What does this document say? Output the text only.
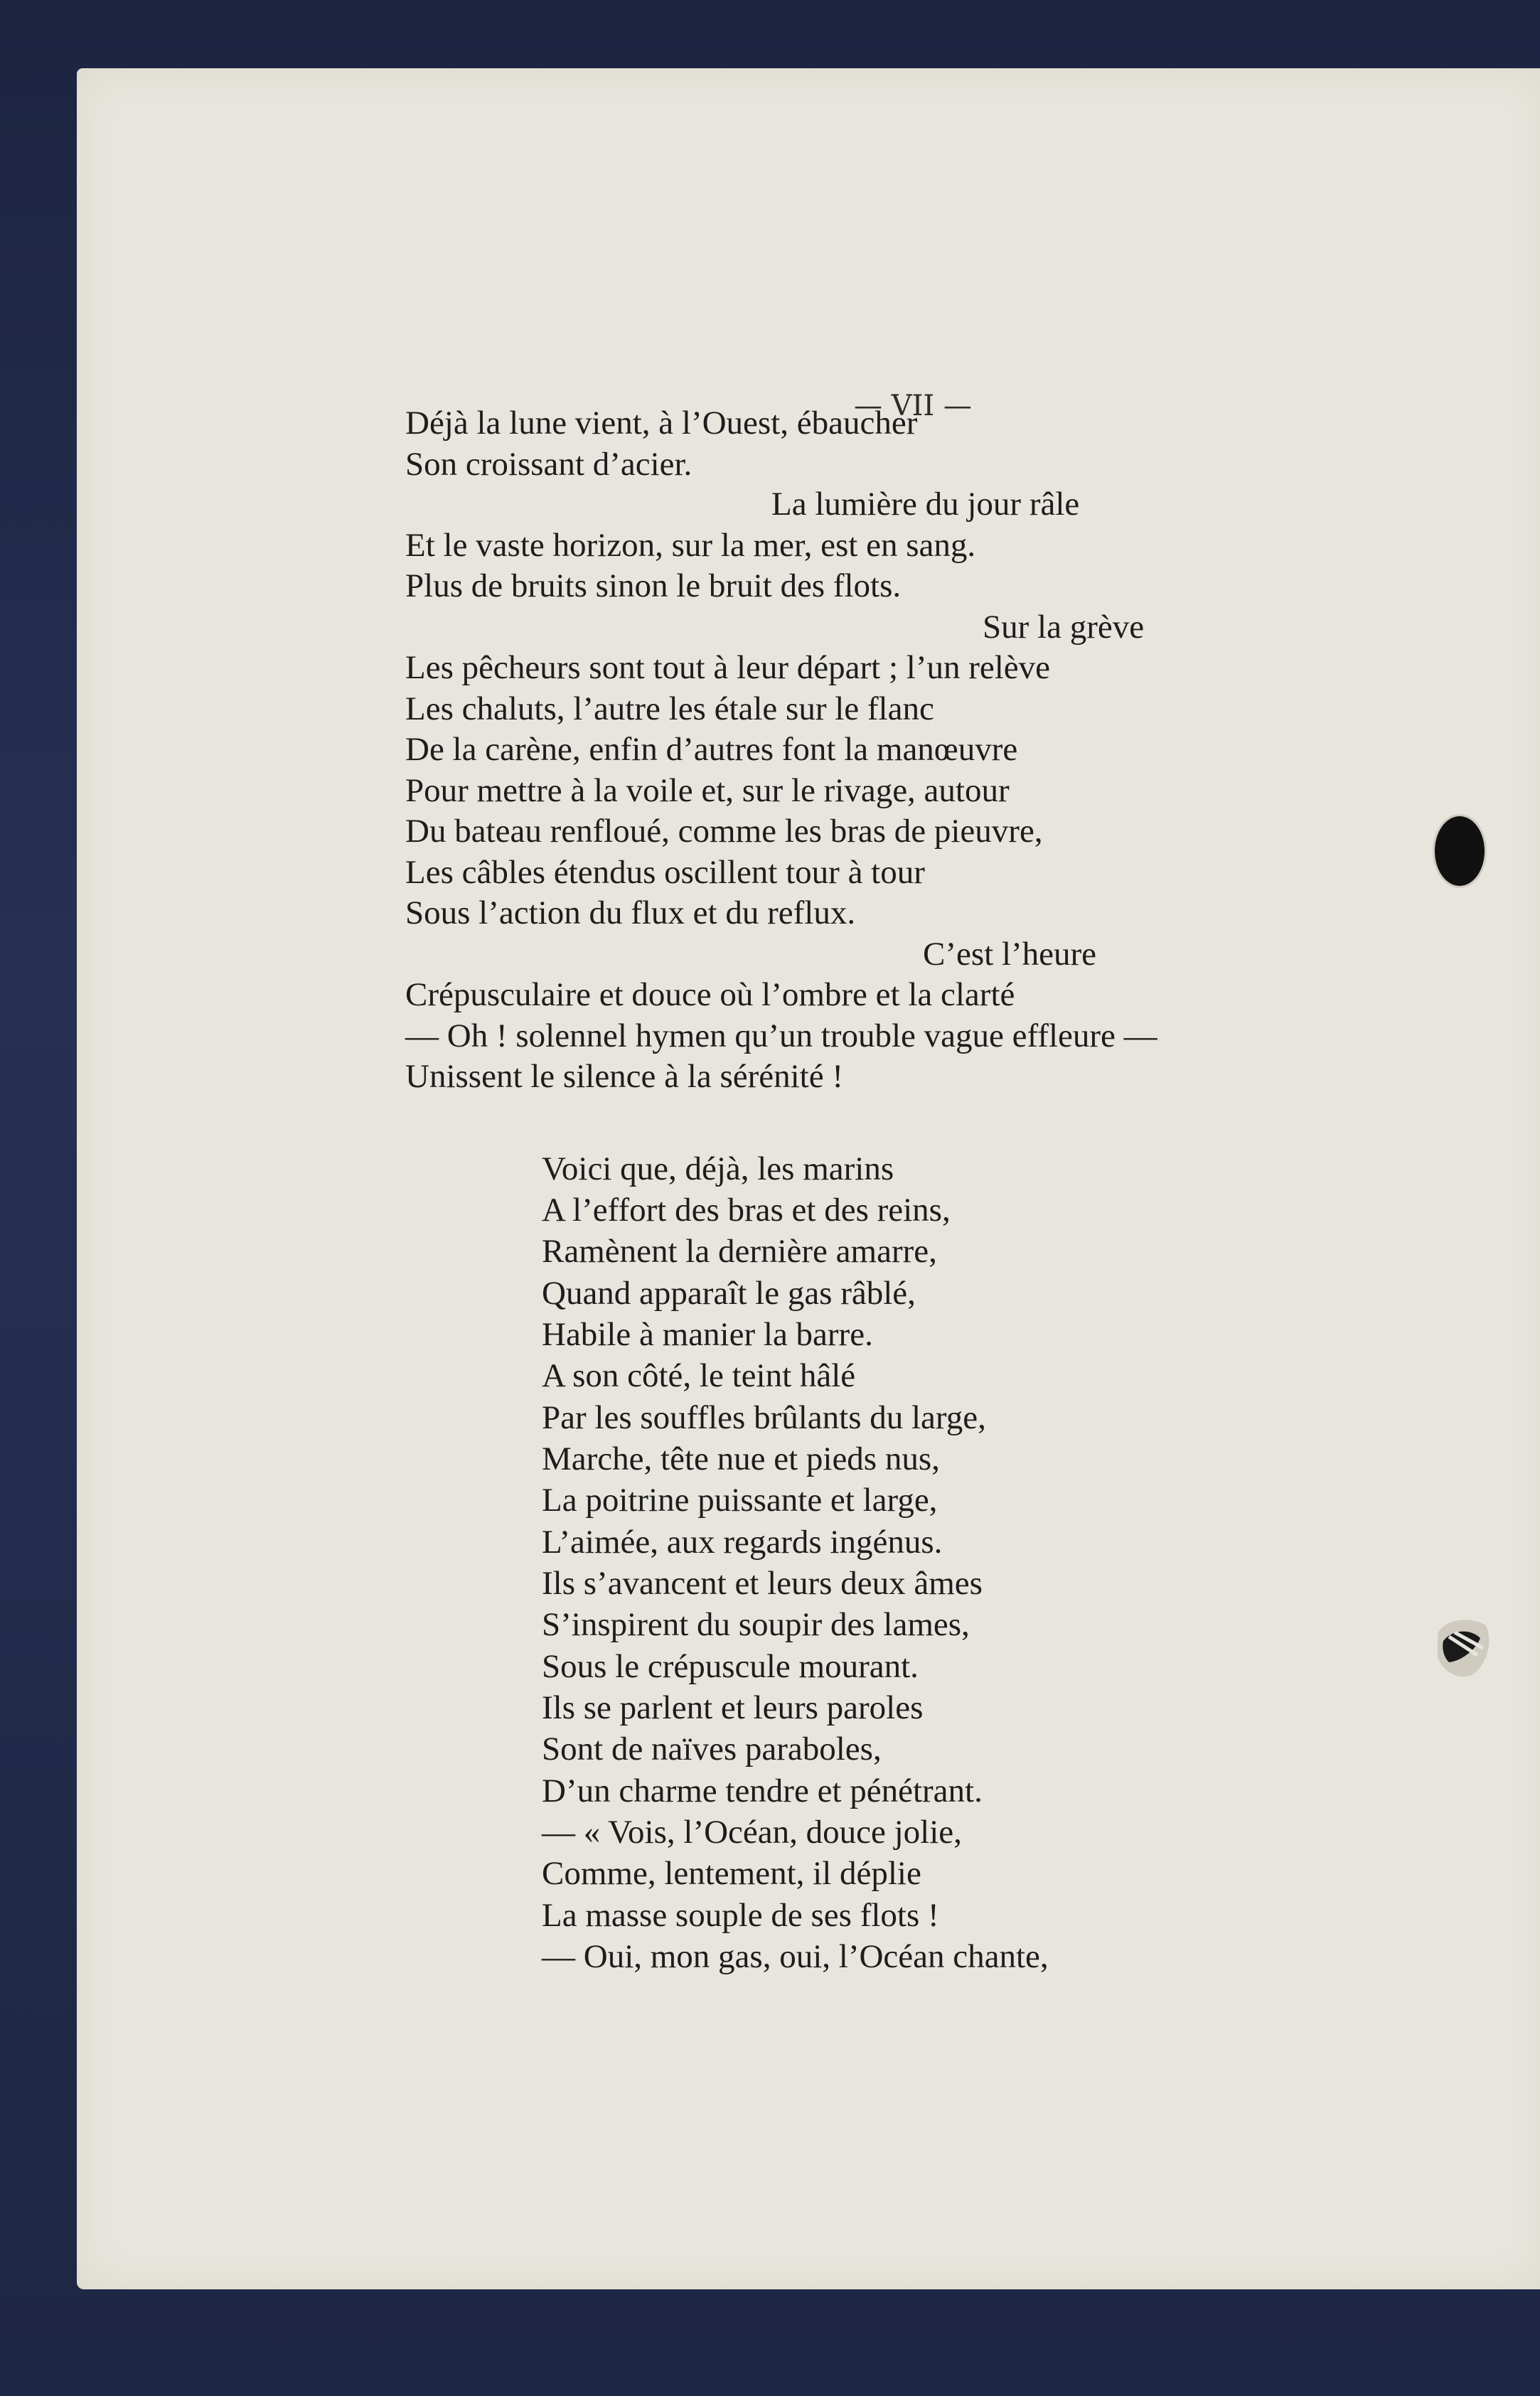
— VII —
Déjà la lune vient, à l’Ouest, ébaucher
Son croissant d’acier.
La lumière du jour râle
Et le vaste horizon, sur la mer, est en sang.
Plus de bruits sinon le bruit des flots.
Sur la grève
Les pêcheurs sont tout à leur départ ; l’un relève
Les chaluts, l’autre les étale sur le flanc
De la carène, enfin d’autres font la manœuvre
Pour mettre à la voile et, sur le rivage, autour
Du bateau renfloué, comme les bras de pieuvre,
Les câbles étendus oscillent tour à tour
Sous l’action du flux et du reflux.
C’est l’heure
Crépusculaire et douce où l’ombre et la clarté
— Oh ! solennel hymen qu’un trouble vague effleure —
Unissent le silence à la sérénité !
Voici que, déjà, les marins
A l’effort des bras et des reins,
Ramènent la dernière amarre,
Quand apparaît le gas râblé,
Habile à manier la barre.
A son côté, le teint hâlé
Par les souffles brûlants du large,
Marche, tête nue et pieds nus,
La poitrine puissante et large,
L’aimée, aux regards ingénus.
Ils s’avancent et leurs deux âmes
S’inspirent du soupir des lames,
Sous le crépuscule mourant.
Ils se parlent et leurs paroles
Sont de naïves paraboles,
D’un charme tendre et pénétrant.
— « Vois, l’Océan, douce jolie,
Comme, lentement, il déplie
La masse souple de ses flots !
— Oui, mon gas, oui, l’Océan chante,
